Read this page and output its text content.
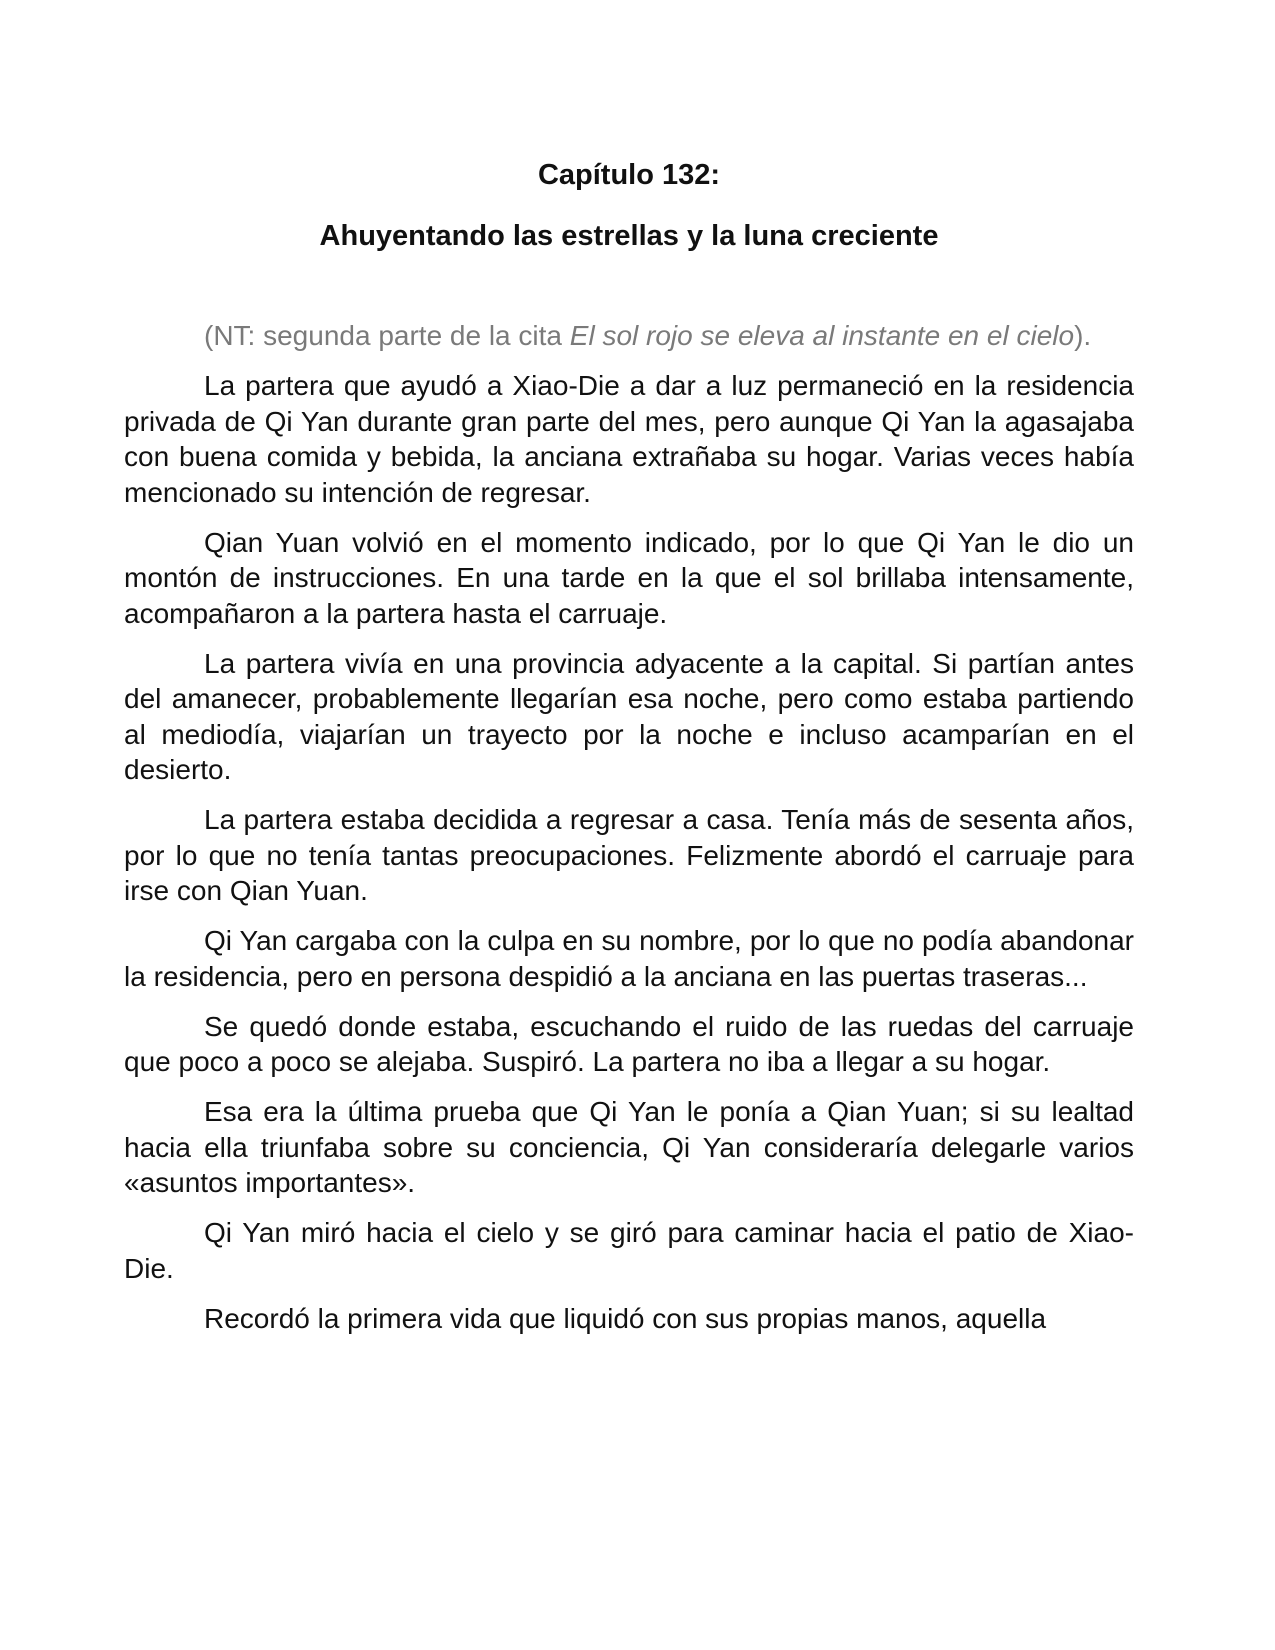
Capítulo 132:
Ahuyentando las estrellas y la luna creciente

(NT: segunda parte de la cita El sol rojo se eleva al instante en el cielo).

La partera que ayudó a Xiao-Die a dar a luz permaneció en la residencia privada de Qi Yan durante gran parte del mes, pero aunque Qi Yan la agasajaba con buena comida y bebida, la anciana extrañaba su hogar. Varias veces había mencionado su intención de regresar.

Qian Yuan volvió en el momento indicado, por lo que Qi Yan le dio un montón de instrucciones. En una tarde en la que el sol brillaba intensamente, acompañaron a la partera hasta el carruaje.

La partera vivía en una provincia adyacente a la capital. Si partían antes del amanecer, probablemente llegarían esa noche, pero como estaba partiendo al mediodía, viajarían un trayecto por la noche e incluso acamparían en el desierto.

La partera estaba decidida a regresar a casa. Tenía más de sesenta años, por lo que no tenía tantas preocupaciones. Felizmente abordó el carruaje para irse con Qian Yuan.

Qi Yan cargaba con la culpa en su nombre, por lo que no podía abandonar la residencia, pero en persona despidió a la anciana en las puertas traseras...

Se quedó donde estaba, escuchando el ruido de las ruedas del carruaje que poco a poco se alejaba. Suspiró. La partera no iba a llegar a su hogar.

Esa era la última prueba que Qi Yan le ponía a Qian Yuan; si su lealtad hacia ella triunfaba sobre su conciencia, Qi Yan consideraría delegarle varios «asuntos importantes».

Qi Yan miró hacia el cielo y se giró para caminar hacia el patio de Xiao-Die.

Recordó la primera vida que liquidó con sus propias manos, aquella
